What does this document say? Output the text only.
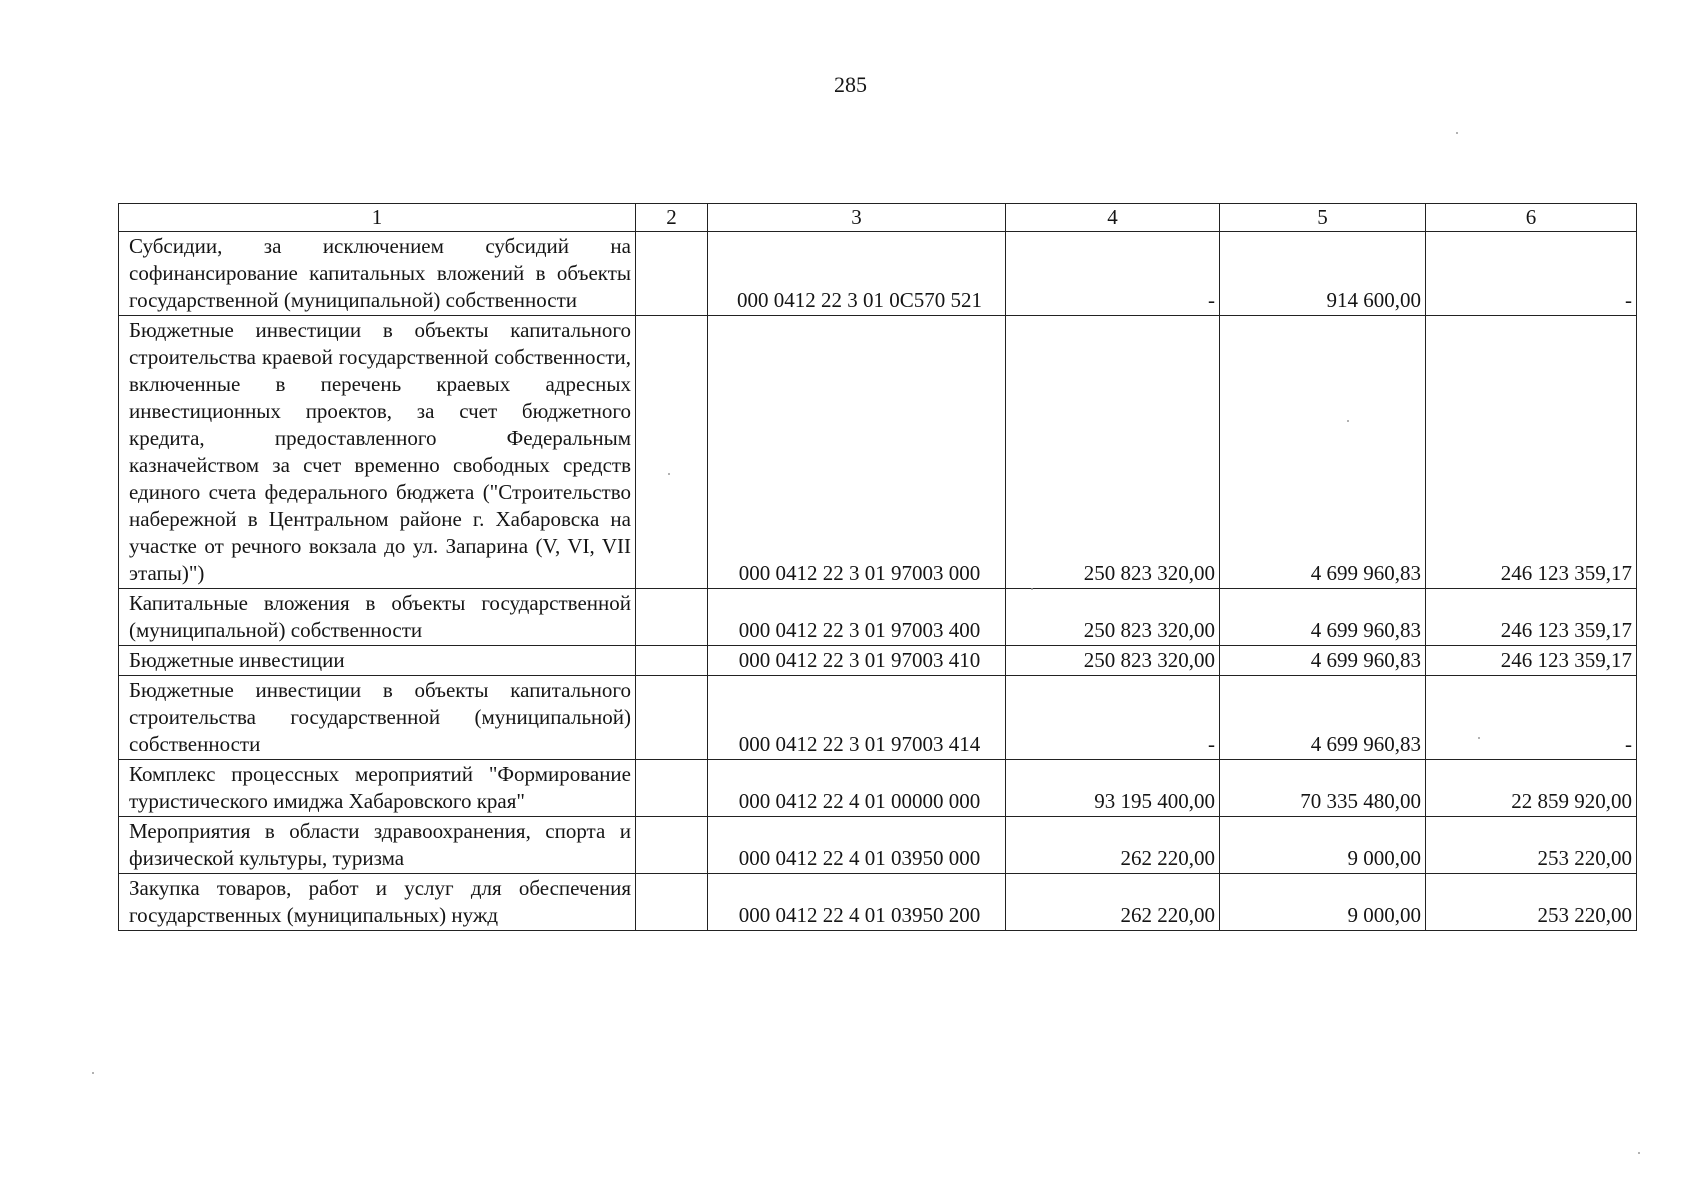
285
1	2	3	4	5	6
Субсидии, за исключением субсидий на софинансирование капитальных вложений в объекты государственной (муниципальной) собственности		000 0412 22 3 01 0С570 521	-	914 600,00	-
Бюджетные инвестиции в объекты капитального строительства краевой государственной собственности, включенные в перечень краевых адресных инвестиционных проектов, за счет бюджетного кредита, предоставленного Федеральным казначейством за счет временно свободных средств единого счета федерального бюджета ("Строительство набережной в Центральном районе г. Хабаровска на участке от речного вокзала до ул. Запарина (V, VI, VII этапы)")		000 0412 22 3 01 97003 000	250 823 320,00	4 699 960,83	246 123 359,17
Капитальные вложения в объекты государственной (муниципальной) собственности		000 0412 22 3 01 97003 400	250 823 320,00	4 699 960,83	246 123 359,17
Бюджетные инвестиции		000 0412 22 3 01 97003 410	250 823 320,00	4 699 960,83	246 123 359,17
Бюджетные инвестиции в объекты капитального строительства государственной (муниципальной) собственности		000 0412 22 3 01 97003 414	-	4 699 960,83	-
Комплекс процессных мероприятий "Формирование туристического имиджа Хабаровского края"		000 0412 22 4 01 00000 000	93 195 400,00	70 335 480,00	22 859 920,00
Мероприятия в области здравоохранения, спорта и физической культуры, туризма		000 0412 22 4 01 03950 000	262 220,00	9 000,00	253 220,00
Закупка товаров, работ и услуг для обеспечения государственных (муниципальных) нужд		000 0412 22 4 01 03950 200	262 220,00	9 000,00	253 220,00
